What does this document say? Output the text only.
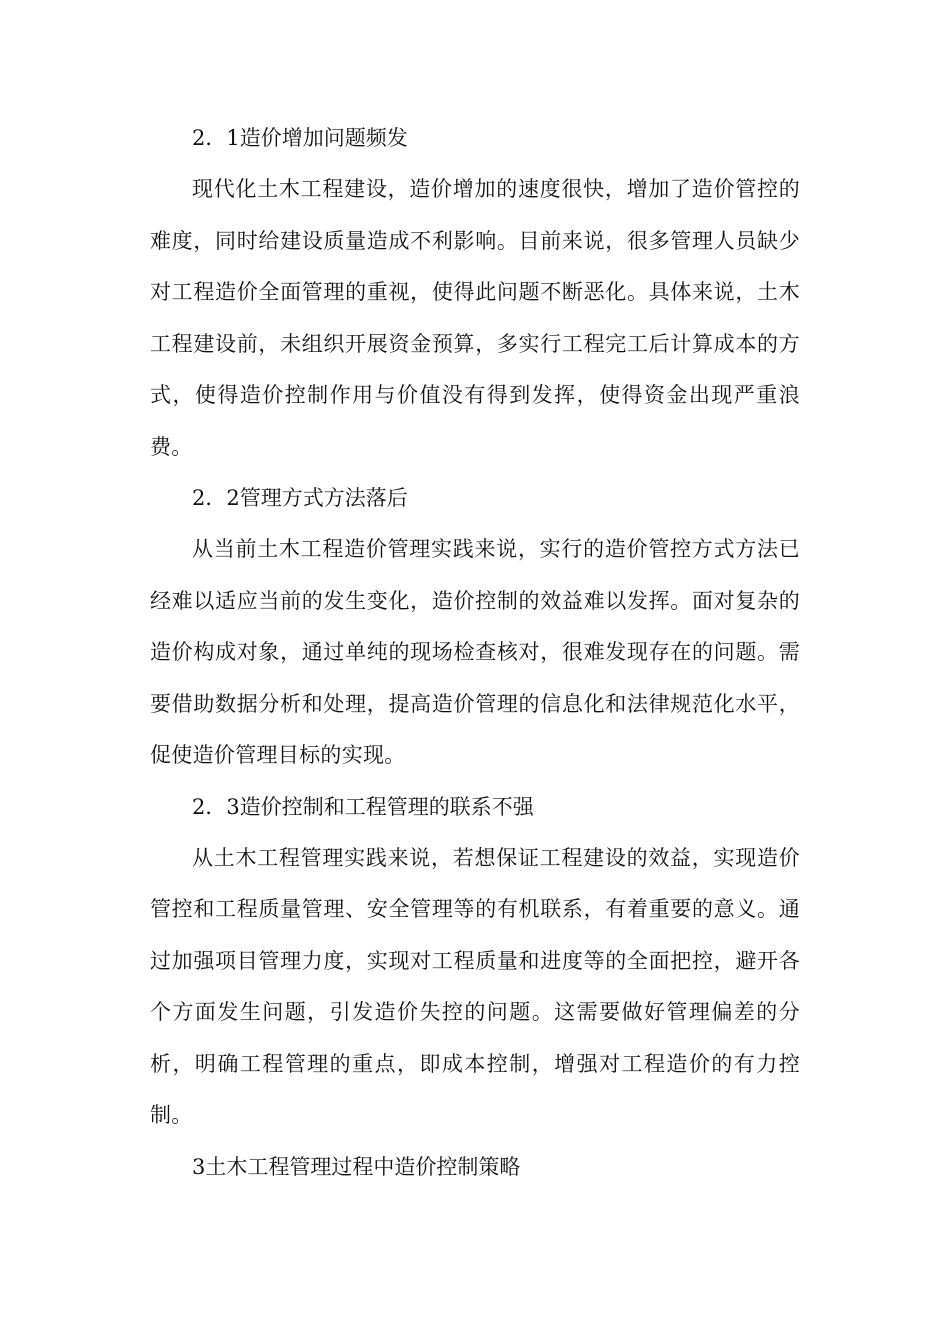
2．1造价增加问题频发

现代化土木工程建设，造价增加的速度很快，增加了造价管控的难度，同时给建设质量造成不利影响。目前来说，很多管理人员缺少对工程造价全面管理的重视，使得此问题不断恶化。具体来说，土木工程建设前，未组织开展资金预算，多实行工程完工后计算成本的方式，使得造价控制作用与价值没有得到发挥，使得资金出现严重浪费。

2．2管理方式方法落后

从当前土木工程造价管理实践来说，实行的造价管控方式方法已经难以适应当前的发生变化，造价控制的效益难以发挥。面对复杂的造价构成对象，通过单纯的现场检查核对，很难发现存在的问题。需要借助数据分析和处理，提高造价管理的信息化和法律规范化水平，促使造价管理目标的实现。

2．3造价控制和工程管理的联系不强

从土木工程管理实践来说，若想保证工程建设的效益，实现造价管控和工程质量管理、安全管理等的有机联系，有着重要的意义。通过加强项目管理力度，实现对工程质量和进度等的全面把控，避开各个方面发生问题，引发造价失控的问题。这需要做好管理偏差的分析，明确工程管理的重点，即成本控制，增强对工程造价的有力控制。

3土木工程管理过程中造价控制策略
